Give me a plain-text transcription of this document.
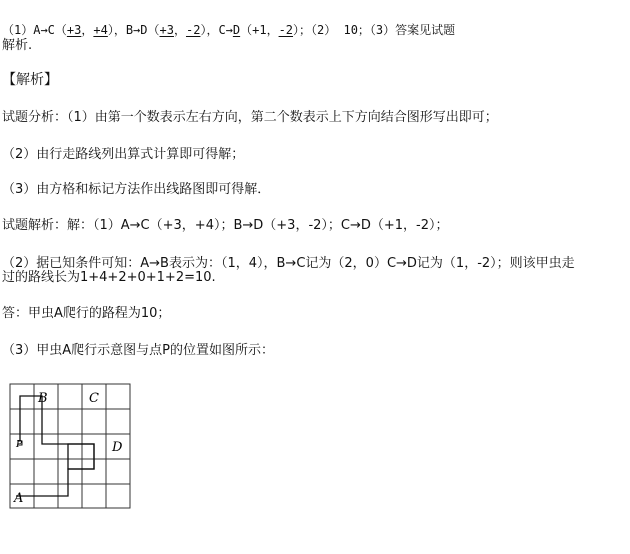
（1）A→C（+3，+4），B→D（+3，-2），C→D（+1，-2）；（2） 10；（3）答案见试题
解析.
【解析】
试题分析：（1）由第一个数表示左右方向，第二个数表示上下方向结合图形写出即可；
（2）由行走路线列出算式计算即可得解；
（3）由方格和标记方法作出线路图即可得解．
试题解析：解：（1）A→C（+3，+4）；B→D（+3，-2）；C→D（+1，-2）；
（2）据已知条件可知：A→B表示为：（1，4），B→C记为（2，0）C→D记为（1，-2）；则该甲虫走
过的路线长为1+4+2+0+1+2=10.
答：甲虫A爬行的路程为10；
（3）甲虫A爬行示意图与点P的位置如图所示：
A
B	C
D
P
